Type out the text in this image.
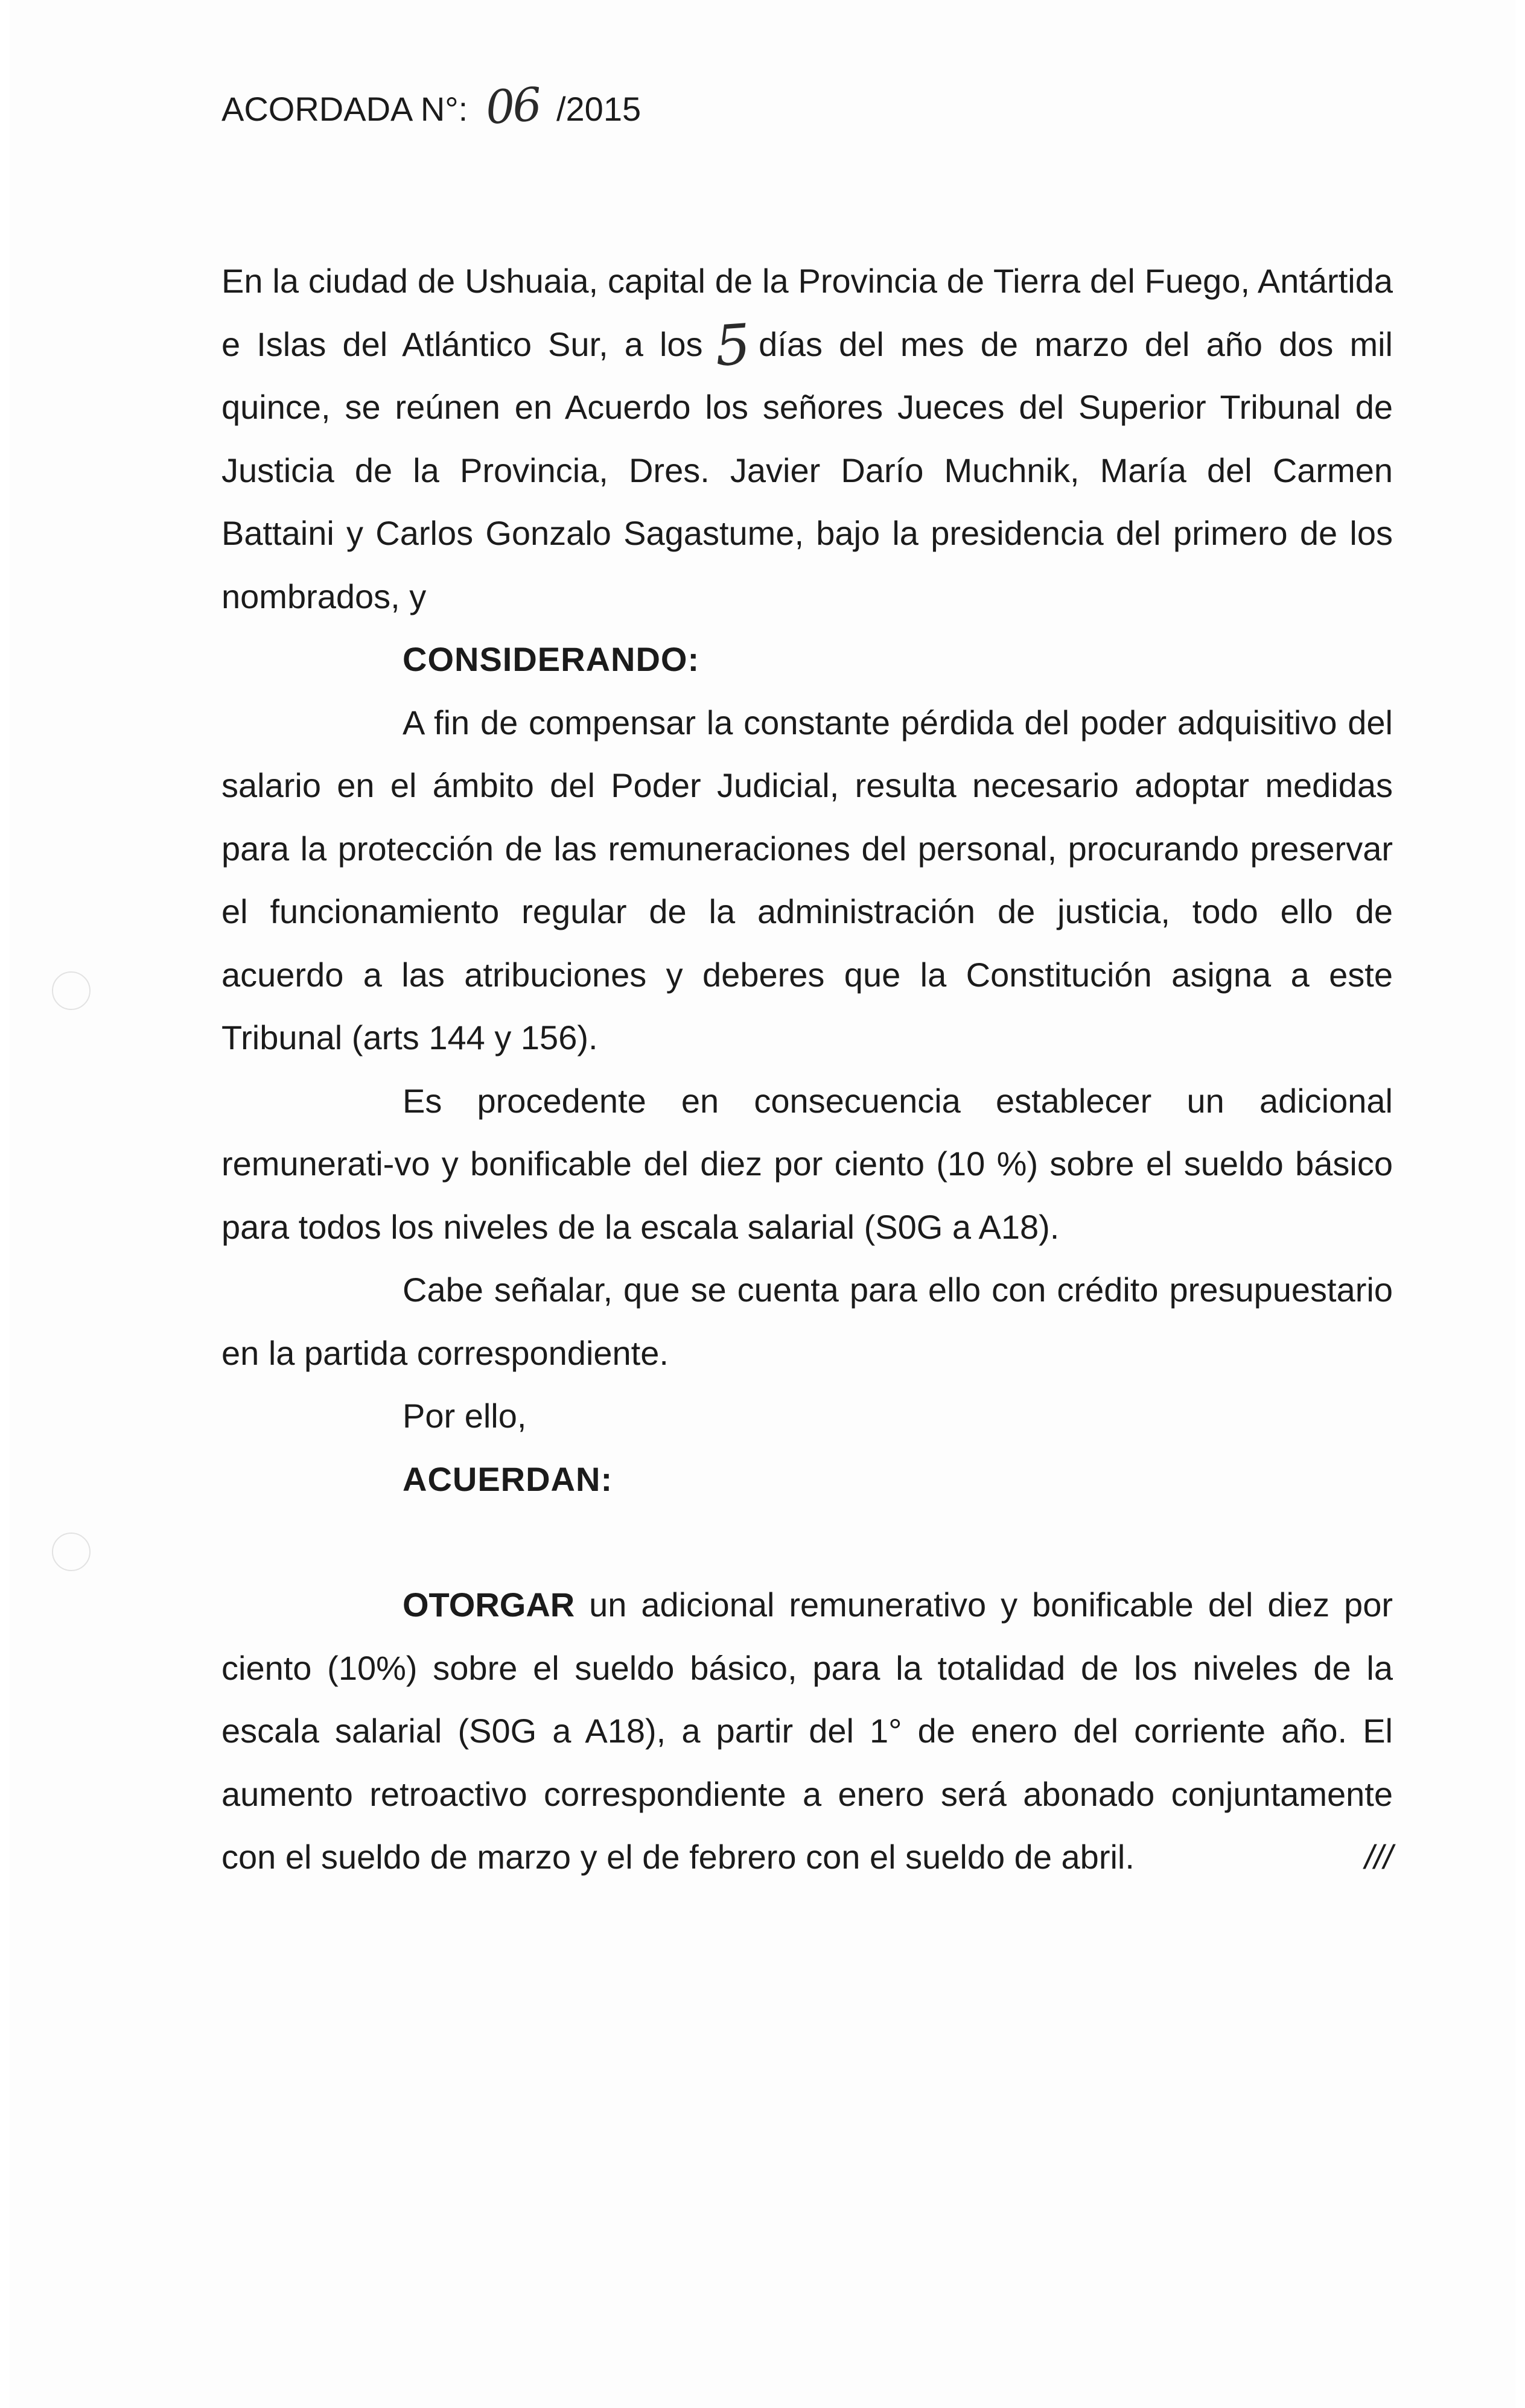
ACORDADA N°: 06 /2015

En la ciudad de Ushuaia, capital de la Provincia de Tierra del Fuego, Antártida e Islas del Atlántico Sur, a los 5 días del mes de marzo del año dos mil quince, se reúnen en Acuerdo los señores Jueces del Superior Tribunal de Justicia de la Provincia, Dres. Javier Darío Muchnik, María del Carmen Battaini y Carlos Gonzalo Sagastume, bajo la presidencia del primero de los nombrados, y

CONSIDERANDO:

A fin de compensar la constante pérdida del poder adquisitivo del salario en el ámbito del Poder Judicial, resulta necesario adoptar medidas para la protección de las remuneraciones del personal, procurando preservar el funcionamiento regular de la administración de justicia, todo ello de acuerdo a las atribuciones y deberes que la Constitución asigna a este Tribunal (arts 144 y 156).

Es procedente en consecuencia establecer un adicional remunerati-vo y bonificable del diez por ciento (10 %) sobre el sueldo básico para todos los niveles de la escala salarial (S0G a A18).

Cabe señalar, que se cuenta para ello con crédito presupuestario en la partida correspondiente.

Por ello,

ACUERDAN:

OTORGAR un adicional remunerativo y bonificable del diez por ciento (10%) sobre el sueldo básico, para la totalidad de los niveles de la escala salarial (S0G a A18), a partir del 1° de enero del corriente año. El aumento retroactivo correspondiente a enero será abonado conjuntamente con el sueldo de marzo y el de febrero con el sueldo de abril.	///
